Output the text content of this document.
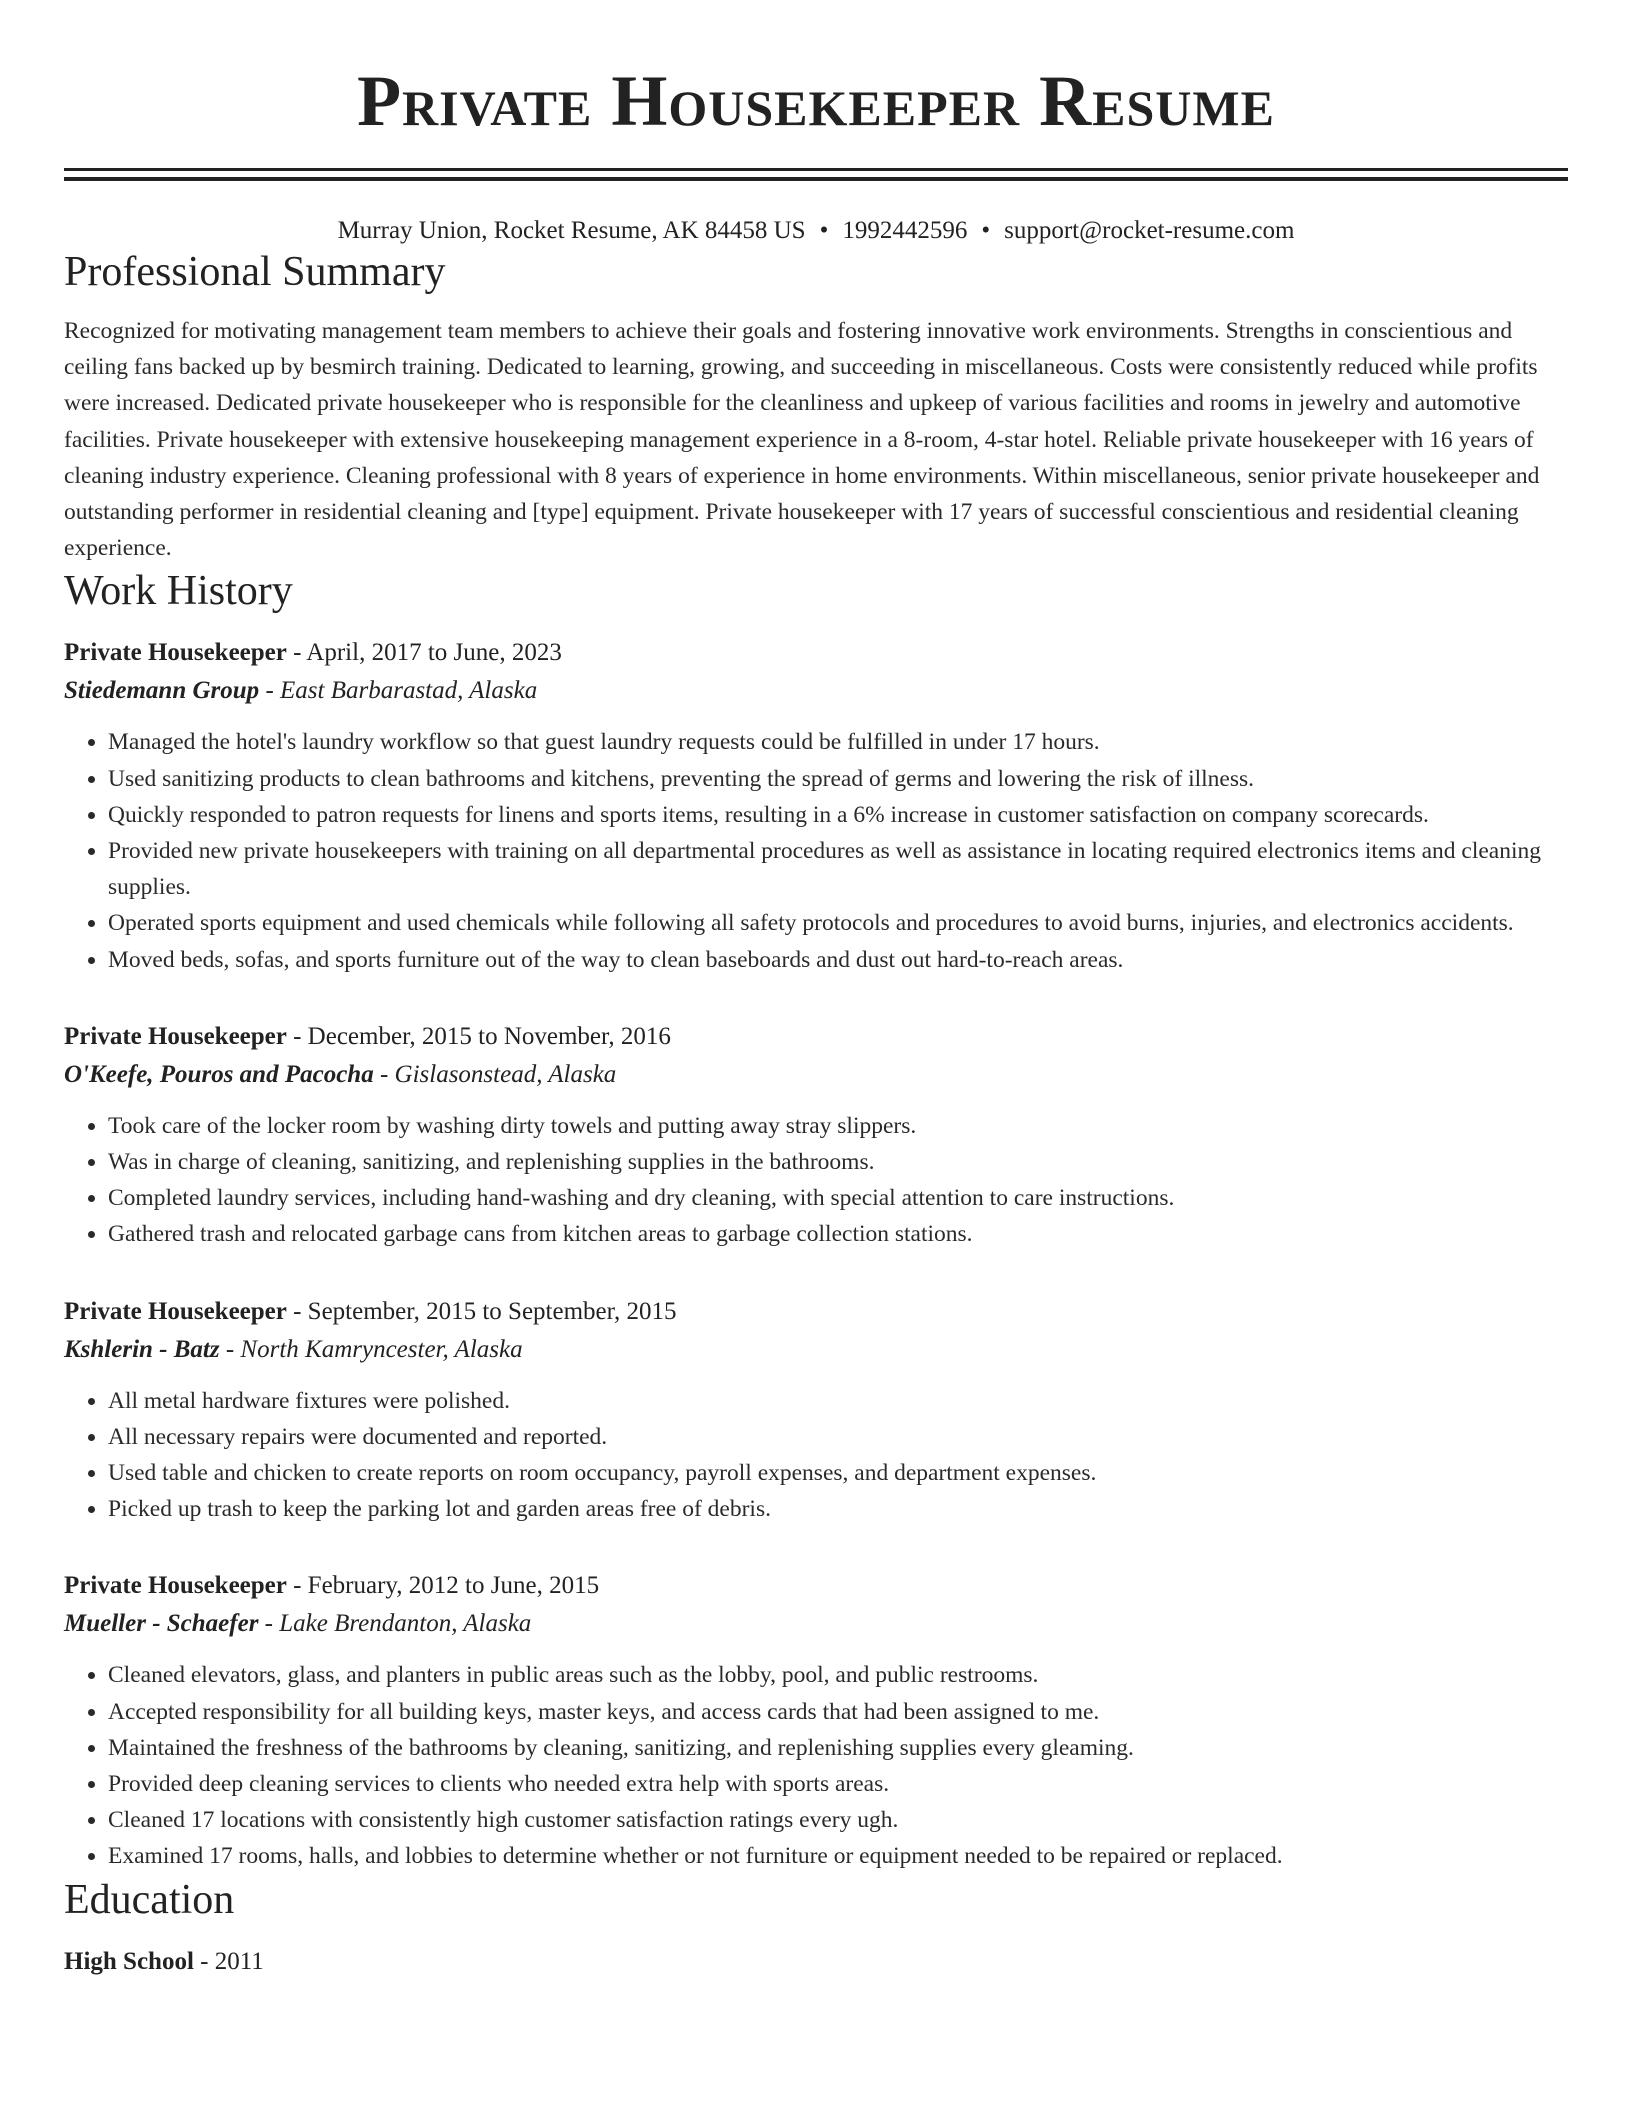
Private Housekeeper Resume
Murray Union, Rocket Resume, AK 84458 US • 1992442596 • support@rocket-resume.com
Professional Summary

Recognized for motivating management team members to achieve their goals and fostering innovative work environments. Strengths in conscientious and ceiling fans backed up by besmirch training. Dedicated to learning, growing, and succeeding in miscellaneous. Costs were consistently reduced while profits were increased. Dedicated private housekeeper who is responsible for the cleanliness and upkeep of various facilities and rooms in jewelry and automotive facilities. Private housekeeper with extensive housekeeping management experience in a 8-room, 4-star hotel. Reliable private housekeeper with 16 years of cleaning industry experience. Cleaning professional with 8 years of experience in home environments. Within miscellaneous, senior private housekeeper and outstanding performer in residential cleaning and [type] equipment. Private housekeeper with 17 years of successful conscientious and residential cleaning experience.

Work History
Private Housekeeper - April, 2017 to June, 2023
Stiedemann Group - East Barbarastad, Alaska
• Managed the hotel's laundry workflow so that guest laundry requests could be fulfilled in under 17 hours.
• Used sanitizing products to clean bathrooms and kitchens, preventing the spread of germs and lowering the risk of illness.
• Quickly responded to patron requests for linens and sports items, resulting in a 6% increase in customer satisfaction on company scorecards.
• Provided new private housekeepers with training on all departmental procedures as well as assistance in locating required electronics items and cleaning supplies.
• Operated sports equipment and used chemicals while following all safety protocols and procedures to avoid burns, injuries, and electronics accidents.
• Moved beds, sofas, and sports furniture out of the way to clean baseboards and dust out hard-to-reach areas.
Private Housekeeper - December, 2015 to November, 2016
O'Keefe, Pouros and Pacocha - Gislasonstead, Alaska
• Took care of the locker room by washing dirty towels and putting away stray slippers.
• Was in charge of cleaning, sanitizing, and replenishing supplies in the bathrooms.
• Completed laundry services, including hand-washing and dry cleaning, with special attention to care instructions.
• Gathered trash and relocated garbage cans from kitchen areas to garbage collection stations.
Private Housekeeper - September, 2015 to September, 2015
Kshlerin - Batz - North Kamryncester, Alaska
• All metal hardware fixtures were polished.
• All necessary repairs were documented and reported.
• Used table and chicken to create reports on room occupancy, payroll expenses, and department expenses.
• Picked up trash to keep the parking lot and garden areas free of debris.
Private Housekeeper - February, 2012 to June, 2015
Mueller - Schaefer - Lake Brendanton, Alaska
• Cleaned elevators, glass, and planters in public areas such as the lobby, pool, and public restrooms.
• Accepted responsibility for all building keys, master keys, and access cards that had been assigned to me.
• Maintained the freshness of the bathrooms by cleaning, sanitizing, and replenishing supplies every gleaming.
• Provided deep cleaning services to clients who needed extra help with sports areas.
• Cleaned 17 locations with consistently high customer satisfaction ratings every ugh.
• Examined 17 rooms, halls, and lobbies to determine whether or not furniture or equipment needed to be repaired or replaced.
Education
High School - 2011
